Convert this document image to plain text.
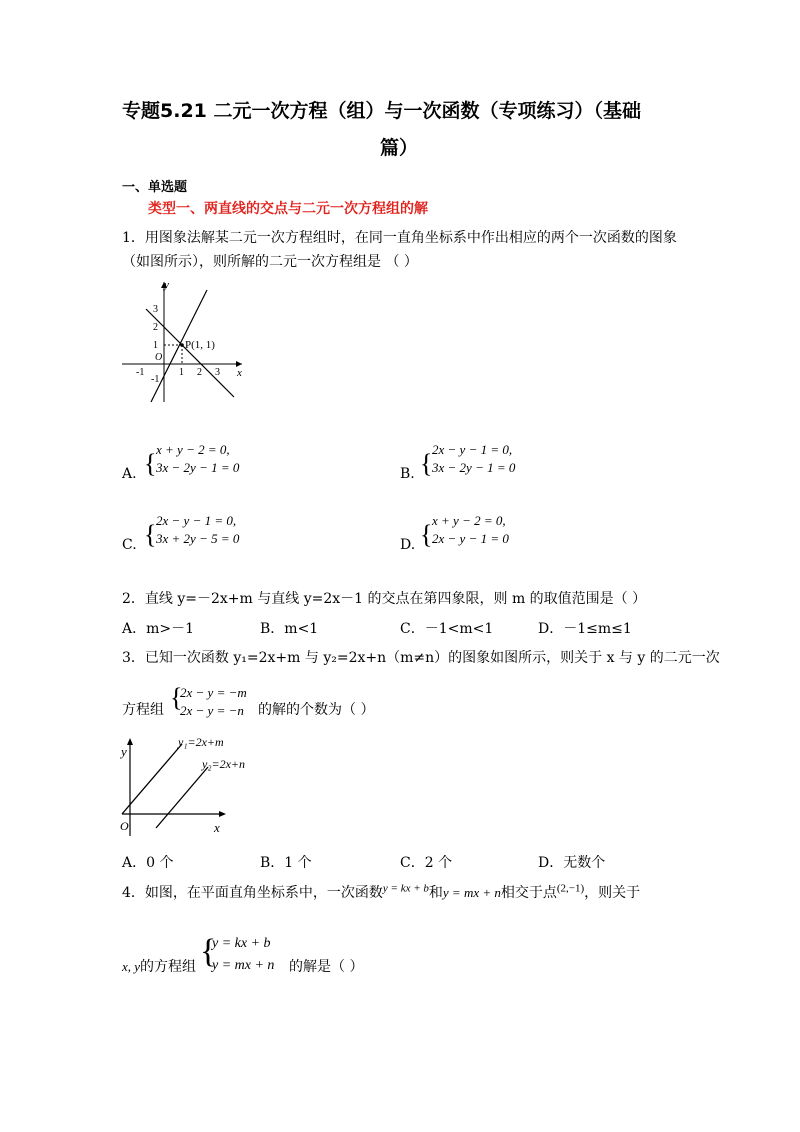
专题5.21 二元一次方程（组）与一次函数（专项练习）（基础
篇）
一、单选题
类型一、两直线的交点与二元一次方程组的解
1．用图象法解某二元一次方程组时，在同一直角坐标系中作出相应的两个一次函数的图象
（如图所示），则所解的二元一次方程组是 （ ）
y
x
O
P(1, 1)
-1	1 2 3
3
2
1
-1
A. { x + y − 2 = 0,
3x − 2y − 1 = 0	B. { 2x − y − 1 = 0,
3x − 2y − 1 = 0
C. { 2x − y − 1 = 0,
3x + 2y − 5 = 0	D. { x + y − 2 = 0,
2x − y − 1 = 0
2．直线 y=－2x+m 与直线 y=2x－1 的交点在第四象限，则 m 的取值范围是（ ）
A．m>－1	B．m<1	C．－1<m<1	D．－1≤m≤1
3．已知一次函数 y₁=2x+m 与 y₂=2x+n（m≠n）的图象如图所示，则关于 x 与 y 的二元一次
方程组 {
2x − y = −m
2x − y = −n 的解的个数为（ ）
y
x
O
y₁=2x+m
y₂=2x+n
A．0 个	B．1 个	C．2 个	D．无数个
4．如图，在平面直角坐标系中，一次函数$^{y = kx + b}$和y = mx + n相交于点$^{(2,-1)}$，则关于
x, y的方程组 {
y = kx + b
y = mx + n 的解是（ ）
